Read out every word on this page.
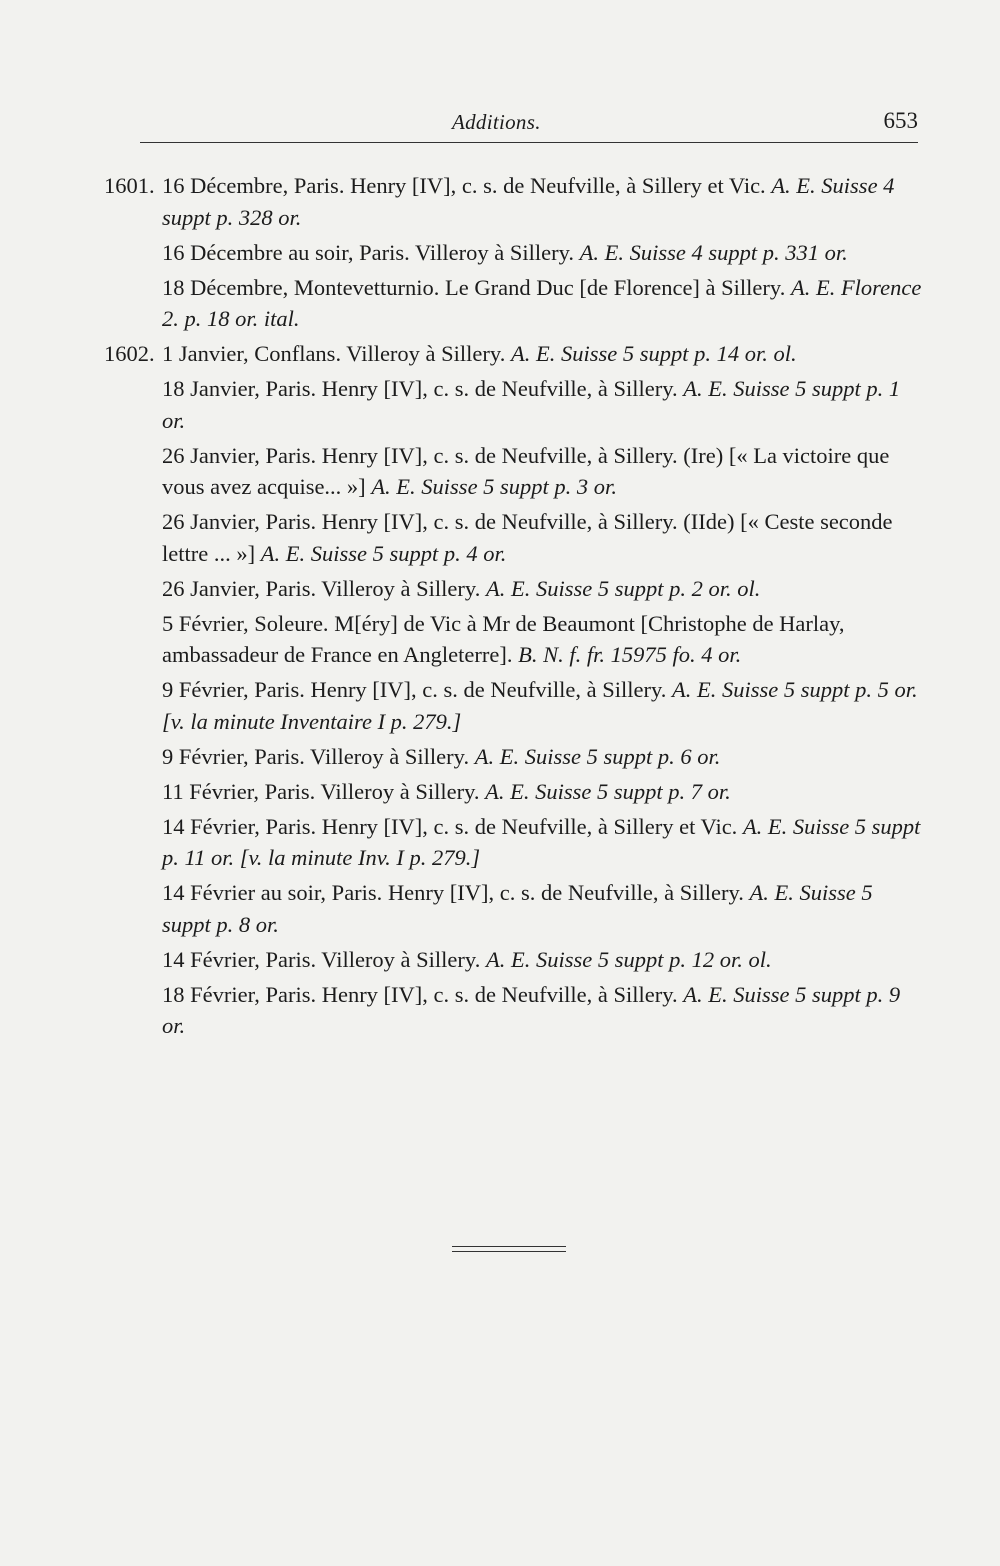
Additions.	653

1601. 16 Décembre, Paris. Henry [IV], c. s. de Neufville, à Sillery et Vic. A. E. Suisse 4 suppt p. 328 or.

16 Décembre au soir, Paris. Villeroy à Sillery. A. E. Suisse 4 suppt p. 331 or.

18 Décembre, Montevetturnio. Le Grand Duc [de Florence] à Sillery. A. E. Florence 2. p. 18 or. ital.

1602. 1 Janvier, Conflans. Villeroy à Sillery. A. E. Suisse 5 suppt p. 14 or. ol.

18 Janvier, Paris. Henry [IV], c. s. de Neufville, à Sillery. A. E. Suisse 5 suppt p. 1 or.

26 Janvier, Paris. Henry [IV], c. s. de Neufville, à Sillery. (Ire) [« La victoire que vous avez acquise... »] A. E. Suisse 5 suppt p. 3 or.

26 Janvier, Paris. Henry [IV], c. s. de Neufville, à Sillery. (IIde) [« Ceste seconde lettre ... »] A. E. Suisse 5 suppt p. 4 or.

26 Janvier, Paris. Villeroy à Sillery. A. E. Suisse 5 suppt p. 2 or. ol.

5 Février, Soleure. M[éry] de Vic à Mr de Beaumont [Christophe de Harlay, ambassadeur de France en Angleterre]. B. N. f. fr. 15975 fo. 4 or.

9 Février, Paris. Henry [IV], c. s. de Neufville, à Sillery. A. E. Suisse 5 suppt p. 5 or. [v. la minute Inventaire I p. 279.]

9 Février, Paris. Villeroy à Sillery. A. E. Suisse 5 suppt p. 6 or.

11 Février, Paris. Villeroy à Sillery. A. E. Suisse 5 suppt p. 7 or.

14 Février, Paris. Henry [IV], c. s. de Neufville, à Sillery et Vic. A. E. Suisse 5 suppt p. 11 or. [v. la minute Inv. I p. 279.]

14 Février au soir, Paris. Henry [IV], c. s. de Neufville, à Sillery. A. E. Suisse 5 suppt p. 8 or.

14 Février, Paris. Villeroy à Sillery. A. E. Suisse 5 suppt p. 12 or. ol.

18 Février, Paris. Henry [IV], c. s. de Neufville, à Sillery. A. E. Suisse 5 suppt p. 9 or.
